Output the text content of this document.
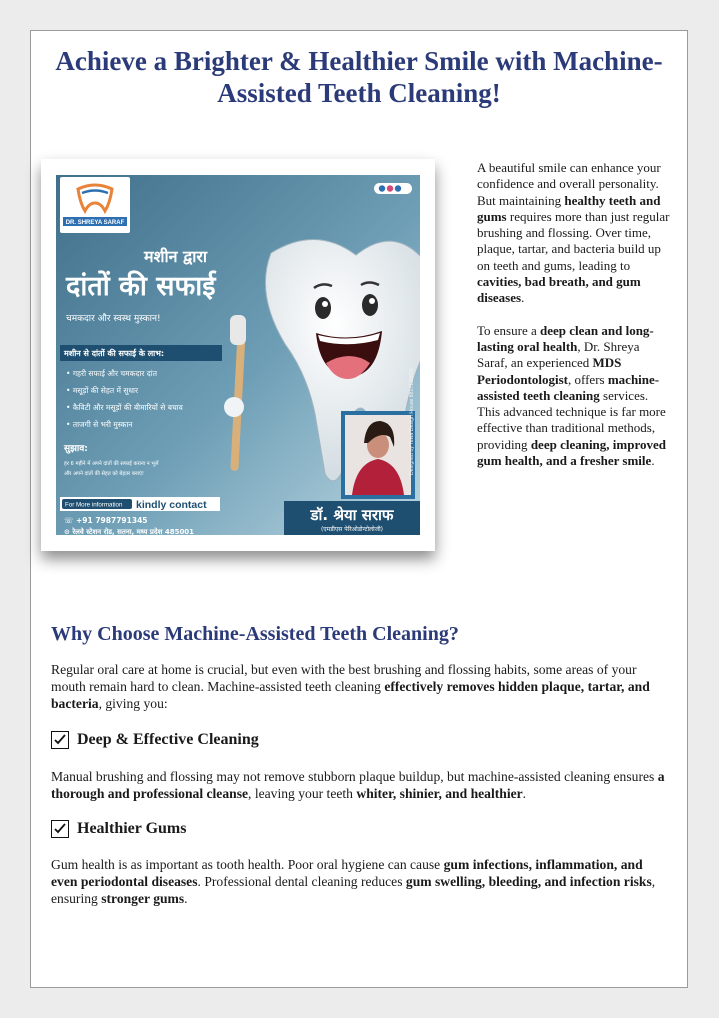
Achieve a Brighter & Healthier Smile with Machine-Assisted Teeth Cleaning!
DR. SHREYA SARAF
मशीन द्वारा
दांतों की सफाई
चमकदार और स्वस्थ मुस्कान!
मशीन से दांतों की सफाई के लाभ:
• गहरी सफाई और चमकदार दांत
• मसूड़ों की सेहत में सुधार
• कैविटी और मसूड़ों की बीमारियों से बचाव
• ताजगी से भरी मुस्कान
सुझाव:
हर 6 महीने में अपने दांतों की सफाई कराना न भूलें
और अपने दांतों की सेहत को बेहतर बनाएं!
For More information kindly contact
☏ +91 7987791345
⊙ रेलवे स्टेशन रोड, सतना, मध्य प्रदेश 485001
डॉ. श्रेया सराफ
(एमडीएस पेरिओडोन्टोलोजी)
Designed by Tewa Design House 8817128606

A beautiful smile can enhance your confidence and overall personality. But maintaining healthy teeth and gums requires more than just regular brushing and flossing. Over time, plaque, tartar, and bacteria build up on teeth and gums, leading to cavities, bad breath, and gum diseases.

To ensure a deep clean and long-lasting oral health, Dr. Shreya Saraf, an experienced MDS Periodontologist, offers machine-assisted teeth cleaning services. This advanced technique is far more effective than traditional methods, providing deep cleaning, improved gum health, and a fresher smile.

Why Choose Machine-Assisted Teeth Cleaning?

Regular oral care at home is crucial, but even with the best brushing and flossing habits, some areas of your mouth remain hard to clean. Machine-assisted teeth cleaning effectively removes hidden plaque, tartar, and bacteria, giving you:

Deep & Effective Cleaning

Manual brushing and flossing may not remove stubborn plaque buildup, but machine-assisted cleaning ensures a thorough and professional cleanse, leaving your teeth whiter, shinier, and healthier.

Healthier Gums

Gum health is as important as tooth health. Poor oral hygiene can cause gum infections, inflammation, and even periodontal diseases. Professional dental cleaning reduces gum swelling, bleeding, and infection risks, ensuring stronger gums.
